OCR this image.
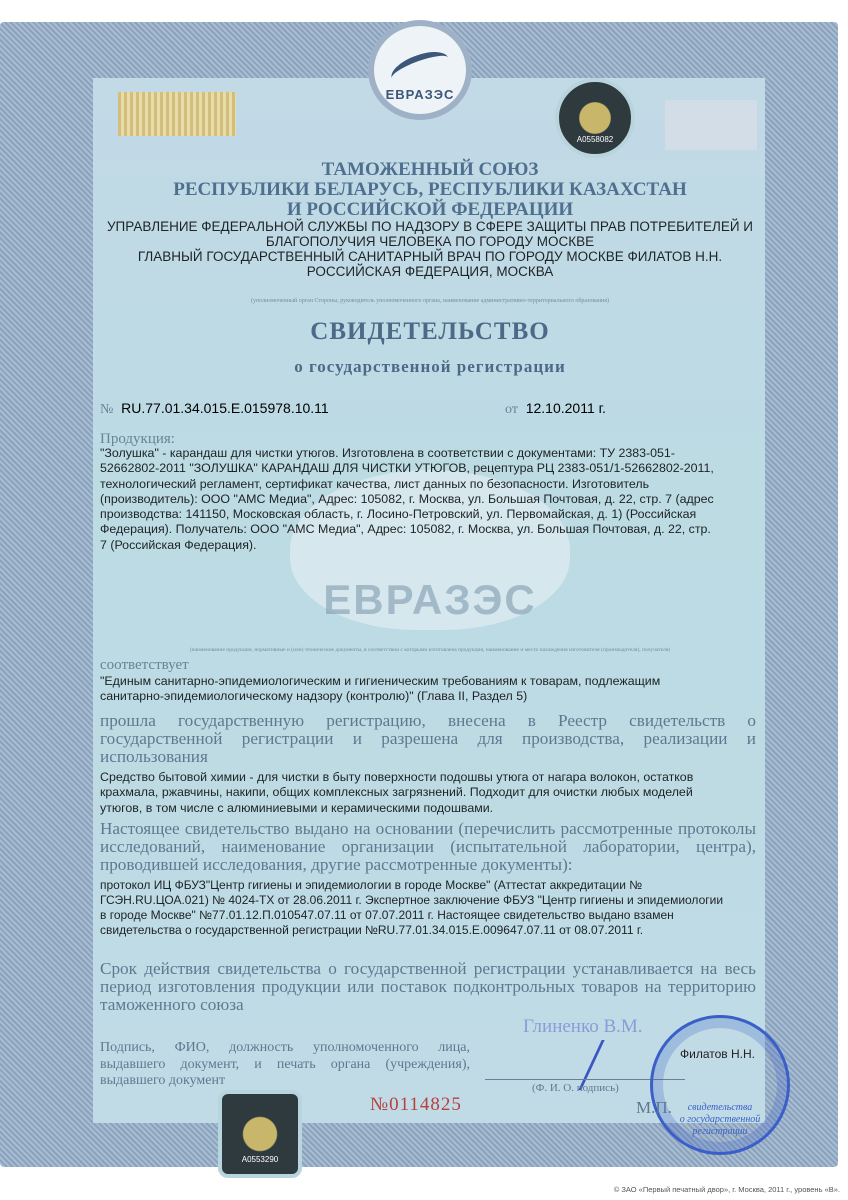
ЕВРАЗЭС
A0558082
ТАМОЖЕННЫЙ СОЮЗ
РЕСПУБЛИКИ БЕЛАРУСЬ, РЕСПУБЛИКИ КАЗАХСТАН
И РОССИЙСКОЙ ФЕДЕРАЦИИ
УПРАВЛЕНИЕ ФЕДЕРАЛЬНОЙ СЛУЖБЫ ПО НАДЗОРУ В СФЕРЕ ЗАЩИТЫ ПРАВ ПОТРЕБИТЕЛЕЙ И
БЛАГОПОЛУЧИЯ ЧЕЛОВЕКА ПО ГОРОДУ МОСКВЕ
ГЛАВНЫЙ ГОСУДАРСТВЕННЫЙ САНИТАРНЫЙ ВРАЧ ПО ГОРОДУ МОСКВЕ ФИЛАТОВ Н.Н.
РОССИЙСКАЯ ФЕДЕРАЦИЯ, МОСКВА
(уполномоченный орган Стороны, руководитель уполномоченного органа, наименование административно-территориального образования)
СВИДЕТЕЛЬСТВО
о государственной регистрации
№ RU.77.01.34.015.E.015978.10.11	от 12.10.2011 г.
ЕВРАЗЭС
Продукция:
"Золушка" - карандаш для чистки утюгов. Изготовлена в соответствии с документами: ТУ 2383-051-52662802-2011 "ЗОЛУШКА" КАРАНДАШ ДЛЯ ЧИСТКИ УТЮГОВ, рецептура РЦ 2383-051/1-52662802-2011, технологический регламент, сертификат качества, лист данных по безопасности. Изготовитель (производитель): ООО "АМС Медиа", Адрес: 105082, г. Москва, ул. Большая Почтовая, д. 22, стр. 7 (адрес производства: 141150, Московская область, г. Лосино-Петровский, ул. Первомайская, д. 1) (Российская Федерация). Получатель: ООО "АМС Медиа", Адрес: 105082, г. Москва, ул. Большая Почтовая, д. 22, стр. 7 (Российская Федерация).
(наименование продукции, нормативные и (или) технические документы, в соответствии с которыми изготовлена продукция, наименование и место нахождения изготовителя (производителя), получателя)
соответствует
"Единым санитарно-эпидемиологическим и гигиеническим требованиям к товарам, подлежащим санитарно-эпидемиологическому надзору (контролю)" (Глава II, Раздел 5)
прошла государственную регистрацию, внесена в Реестр свидетельств о государственной регистрации и разрешена для производства, реализации и использования
Средство бытовой химии - для чистки в быту поверхности подошвы утюга от нагара волокон, остатков крахмала, ржавчины, накипи, общих комплексных загрязнений. Подходит для очистки любых моделей утюгов, в том числе с алюминиевыми и керамическими подошвами.
Настоящее свидетельство выдано на основании (перечислить рассмотренные протоколы исследований, наименование организации (испытательной лаборатории, центра), проводившей исследования, другие рассмотренные документы):
протокол ИЦ ФБУЗ"Центр гигиены и эпидемиологии в городе Москве" (Аттестат аккредитации № ГСЭН.RU.ЦОА.021) № 4024-ТХ от 28.06.2011 г. Экспертное заключение ФБУЗ "Центр гигиены и эпидемиологии в городе Москве" №77.01.12.П.010547.07.11 от 07.07.2011 г. Настоящее свидетельство выдано взамен свидетельства о государственной регистрации №RU.77.01.34.015.Е.009647.07.11 от 08.07.2011 г.
Срок действия свидетельства о государственной регистрации устанавливается на весь период изготовления продукции или поставок подконтрольных товаров на территорию таможенного союза
Подпись, ФИО, должность уполномоченного лица, выдавшего документ, и печать органа (учреждения), выдавшего документ
Глиненко В.М.
(Ф. И. О. подпись)
свидетельства
о государственной
регистрации
Филатов Н.Н.
М.П.
№0114825
A0553290
© ЗАО «Первый печатный двор», г. Москва, 2011 г., уровень «В».
